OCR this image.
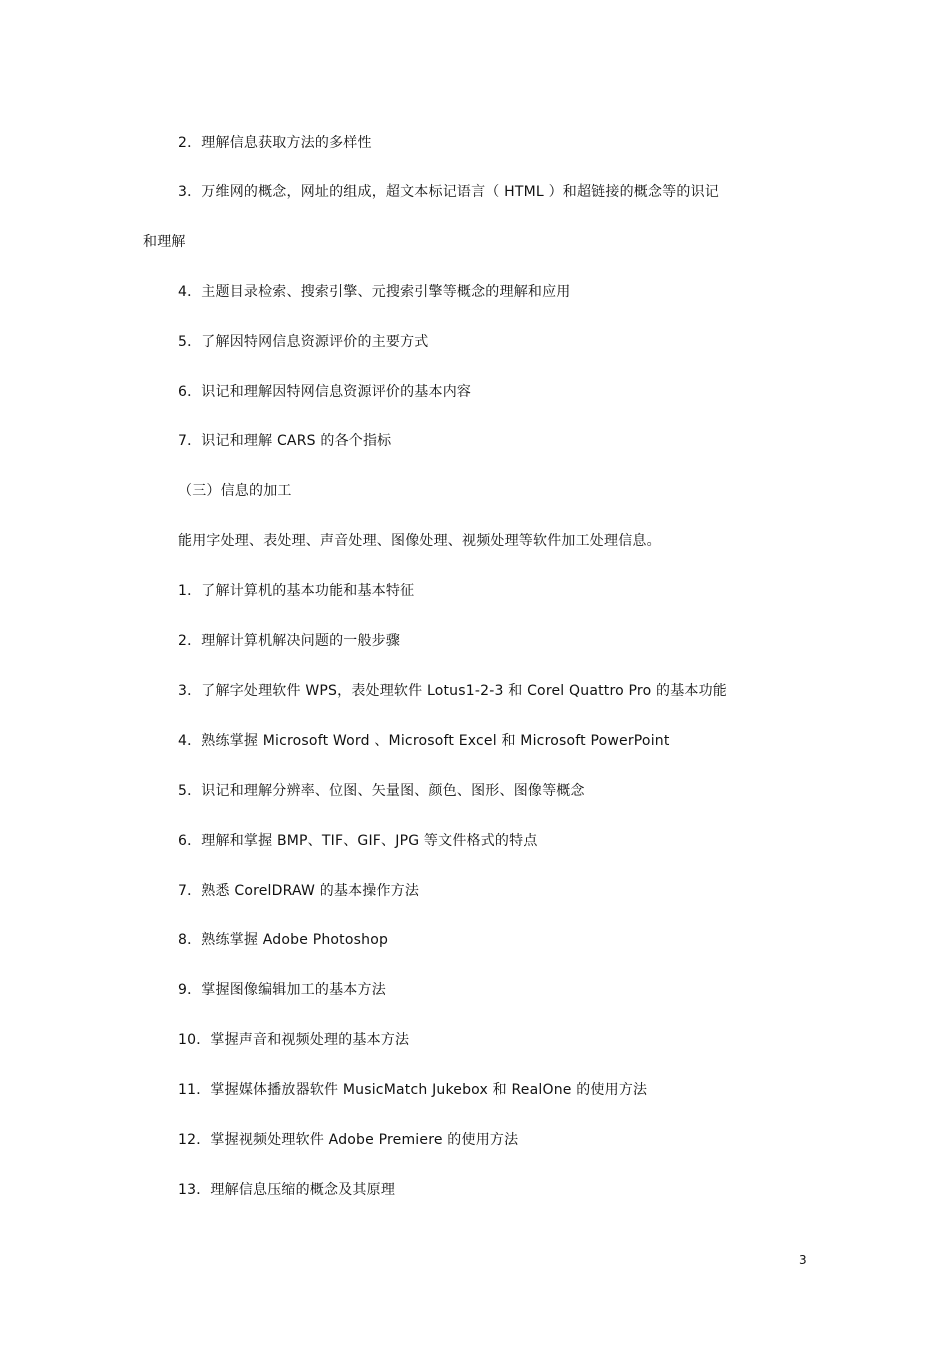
2．理解信息获取方法的多样性
3．万维网的概念，网址的组成，超文本标记语言（ HTML ）和超链接的概念等的识记
和理解
4．主题目录检索、搜索引擎、元搜索引擎等概念的理解和应用
5．了解因特网信息资源评价的主要方式
6．识记和理解因特网信息资源评价的基本内容
7．识记和理解 CARS 的各个指标
（三）信息的加工
能用字处理、表处理、声音处理、图像处理、视频处理等软件加工处理信息。
1．了解计算机的基本功能和基本特征
2．理解计算机解决问题的一般步骤
3．了解字处理软件 WPS，表处理软件 Lotus1-2-3 和 Corel Quattro Pro 的基本功能
4．熟练掌握 Microsoft Word 、Microsoft Excel 和 Microsoft PowerPoint
5．识记和理解分辨率、位图、矢量图、颜色、图形、图像等概念
6．理解和掌握 BMP、TIF、GIF、JPG 等文件格式的特点
7．熟悉 CorelDRAW 的基本操作方法
8．熟练掌握 Adobe Photoshop
9．掌握图像编辑加工的基本方法
10．掌握声音和视频处理的基本方法
11．掌握媒体播放器软件 MusicMatch Jukebox 和 RealOne 的使用方法
12．掌握视频处理软件 Adobe Premiere 的使用方法
13．理解信息压缩的概念及其原理
3
